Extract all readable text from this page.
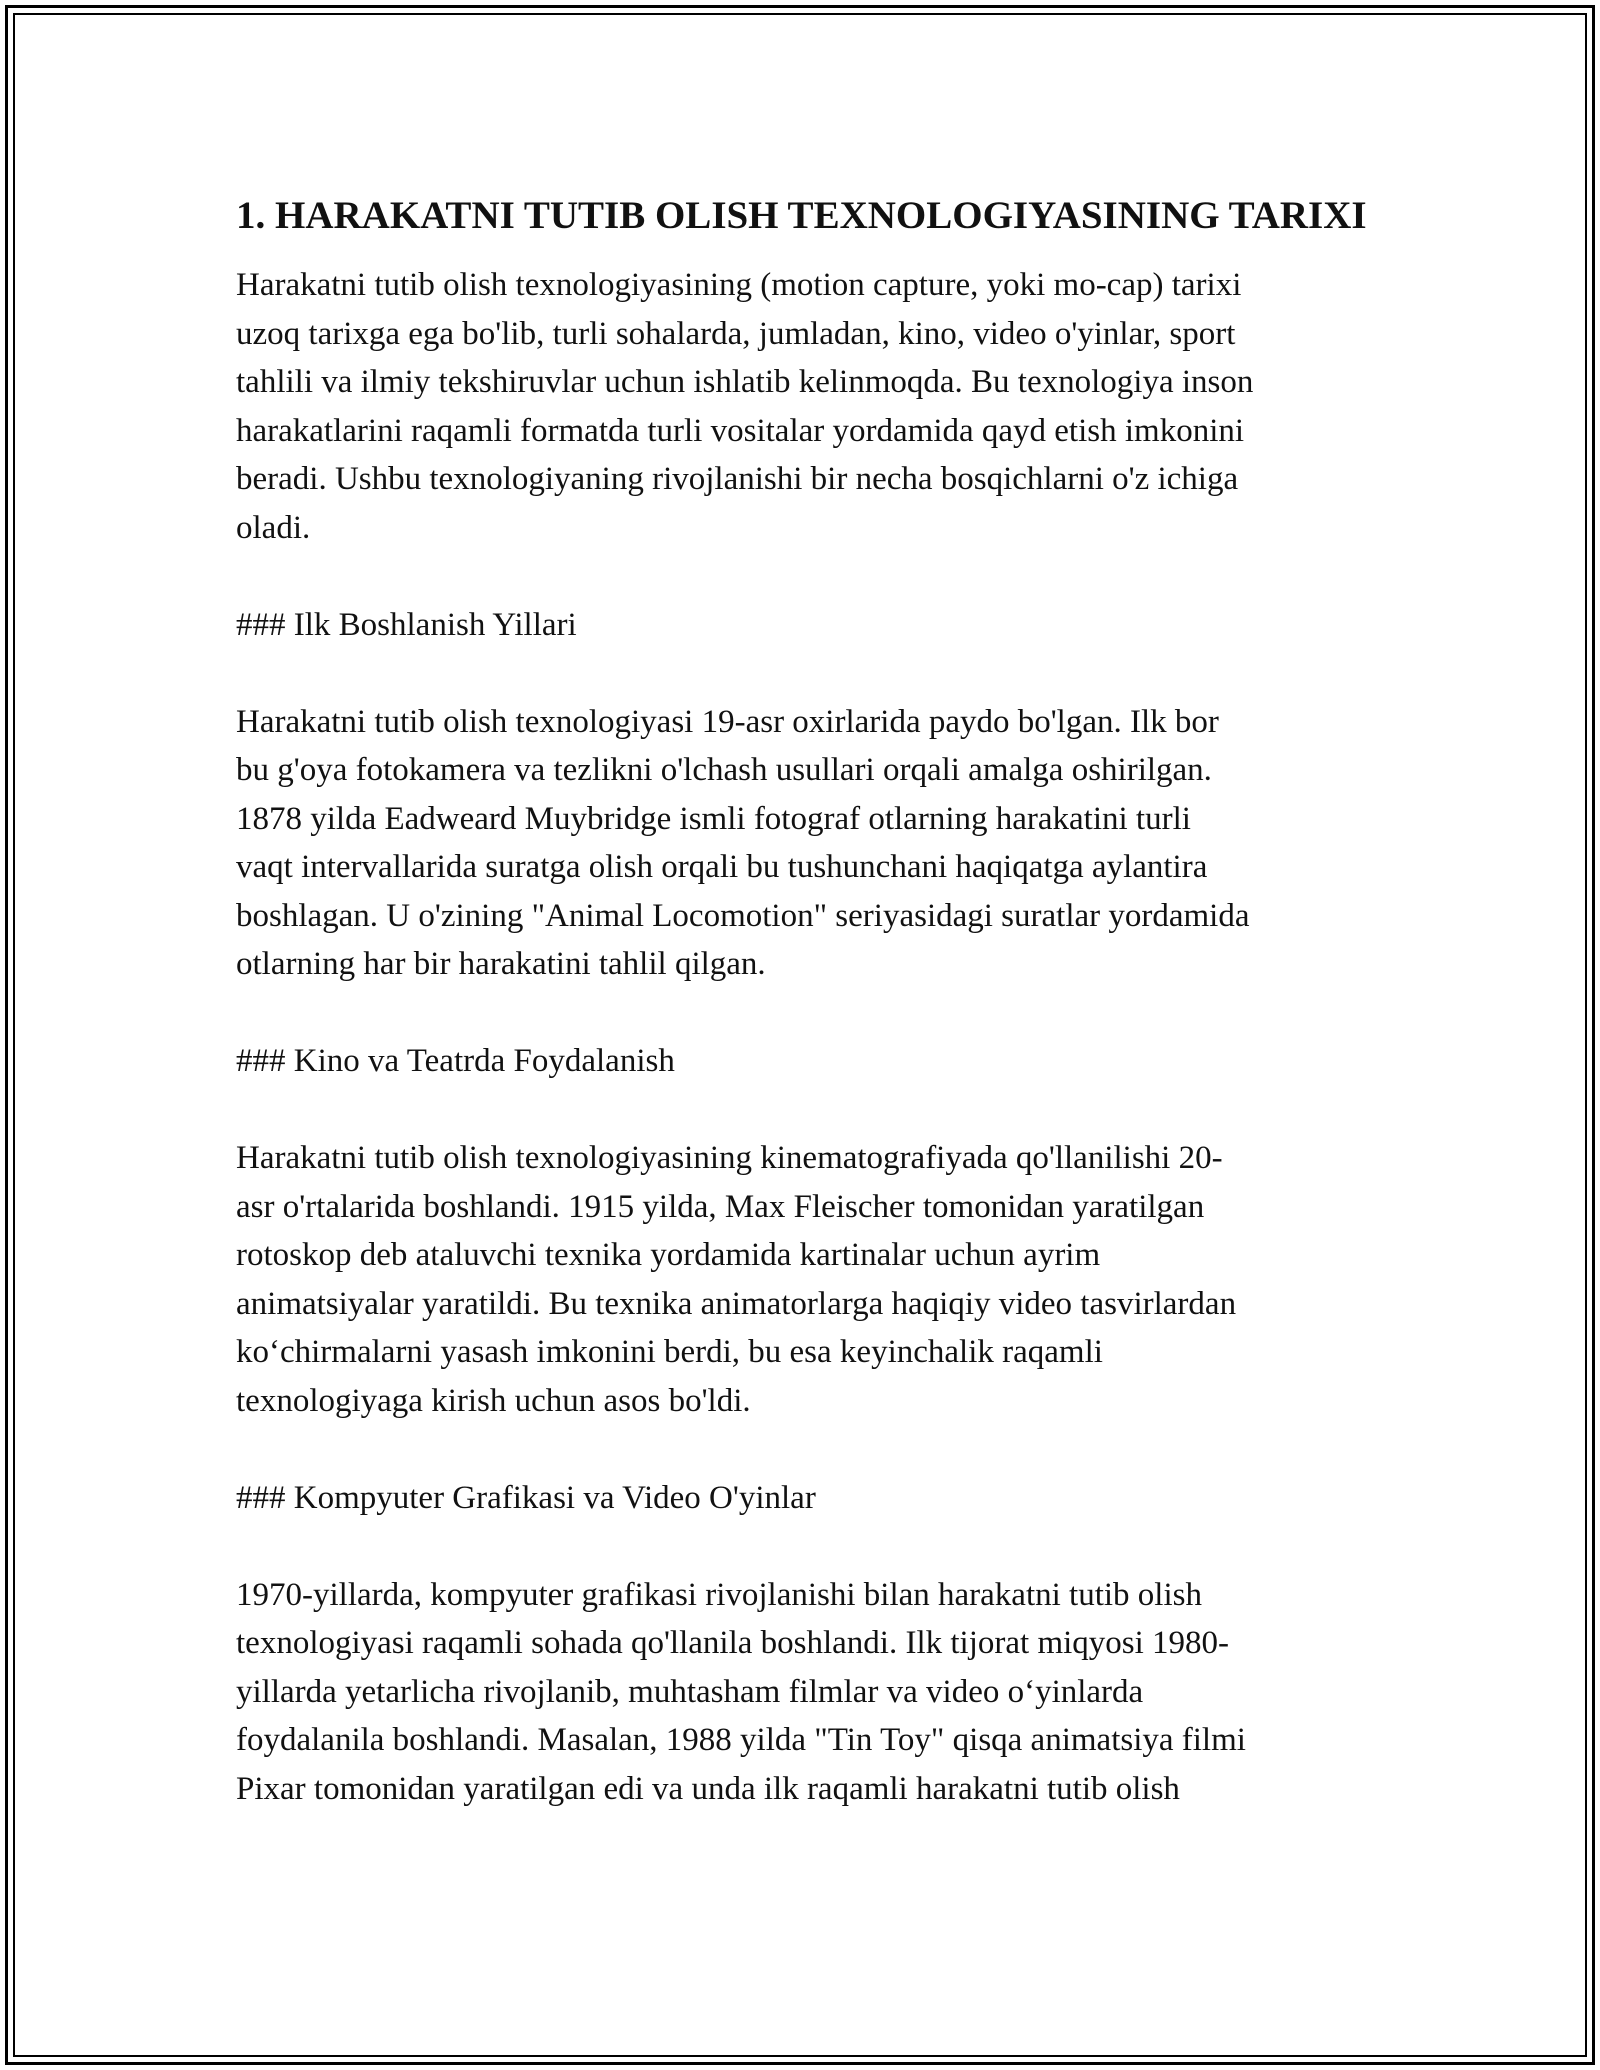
1. HARAKATNI TUTIB OLISH TEXNOLOGIYASINING TARIXI

Harakatni tutib olish texnologiyasining (motion capture, yoki mo-cap) tarixi
uzoq tarixga ega bo'lib, turli sohalarda, jumladan, kino, video o'yinlar, sport
tahlili va ilmiy tekshiruvlar uchun ishlatib kelinmoqda. Bu texnologiya inson
harakatlarini raqamli formatda turli vositalar yordamida qayd etish imkonini
beradi. Ushbu texnologiyaning rivojlanishi bir necha bosqichlarni o'z ichiga
oladi.

### Ilk Boshlanish Yillari

Harakatni tutib olish texnologiyasi 19-asr oxirlarida paydo bo'lgan. Ilk bor
bu g'oya fotokamera va tezlikni o'lchash usullari orqali amalga oshirilgan.
1878 yilda Eadweard Muybridge ismli fotograf otlarning harakatini turli
vaqt intervallarida suratga olish orqali bu tushunchani haqiqatga aylantira
boshlagan. U o'zining "Animal Locomotion" seriyasidagi suratlar yordamida
otlarning har bir harakatini tahlil qilgan.

### Kino va Teatrda Foydalanish

Harakatni tutib olish texnologiyasining kinematografiyada qo'llanilishi 20-
asr o'rtalarida boshlandi. 1915 yilda, Max Fleischer tomonidan yaratilgan
rotoskop deb ataluvchi texnika yordamida kartinalar uchun ayrim
animatsiyalar yaratildi. Bu texnika animatorlarga haqiqiy video tasvirlardan
ko‘chirmalarni yasash imkonini berdi, bu esa keyinchalik raqamli
texnologiyaga kirish uchun asos bo'ldi.

### Kompyuter Grafikasi va Video O'yinlar

1970-yillarda, kompyuter grafikasi rivojlanishi bilan harakatni tutib olish
texnologiyasi raqamli sohada qo'llanila boshlandi. Ilk tijorat miqyosi 1980-
yillarda yetarlicha rivojlanib, muhtasham filmlar va video o‘yinlarda
foydalanila boshlandi. Masalan, 1988 yilda "Tin Toy" qisqa animatsiya filmi
Pixar tomonidan yaratilgan edi va unda ilk raqamli harakatni tutib olish
